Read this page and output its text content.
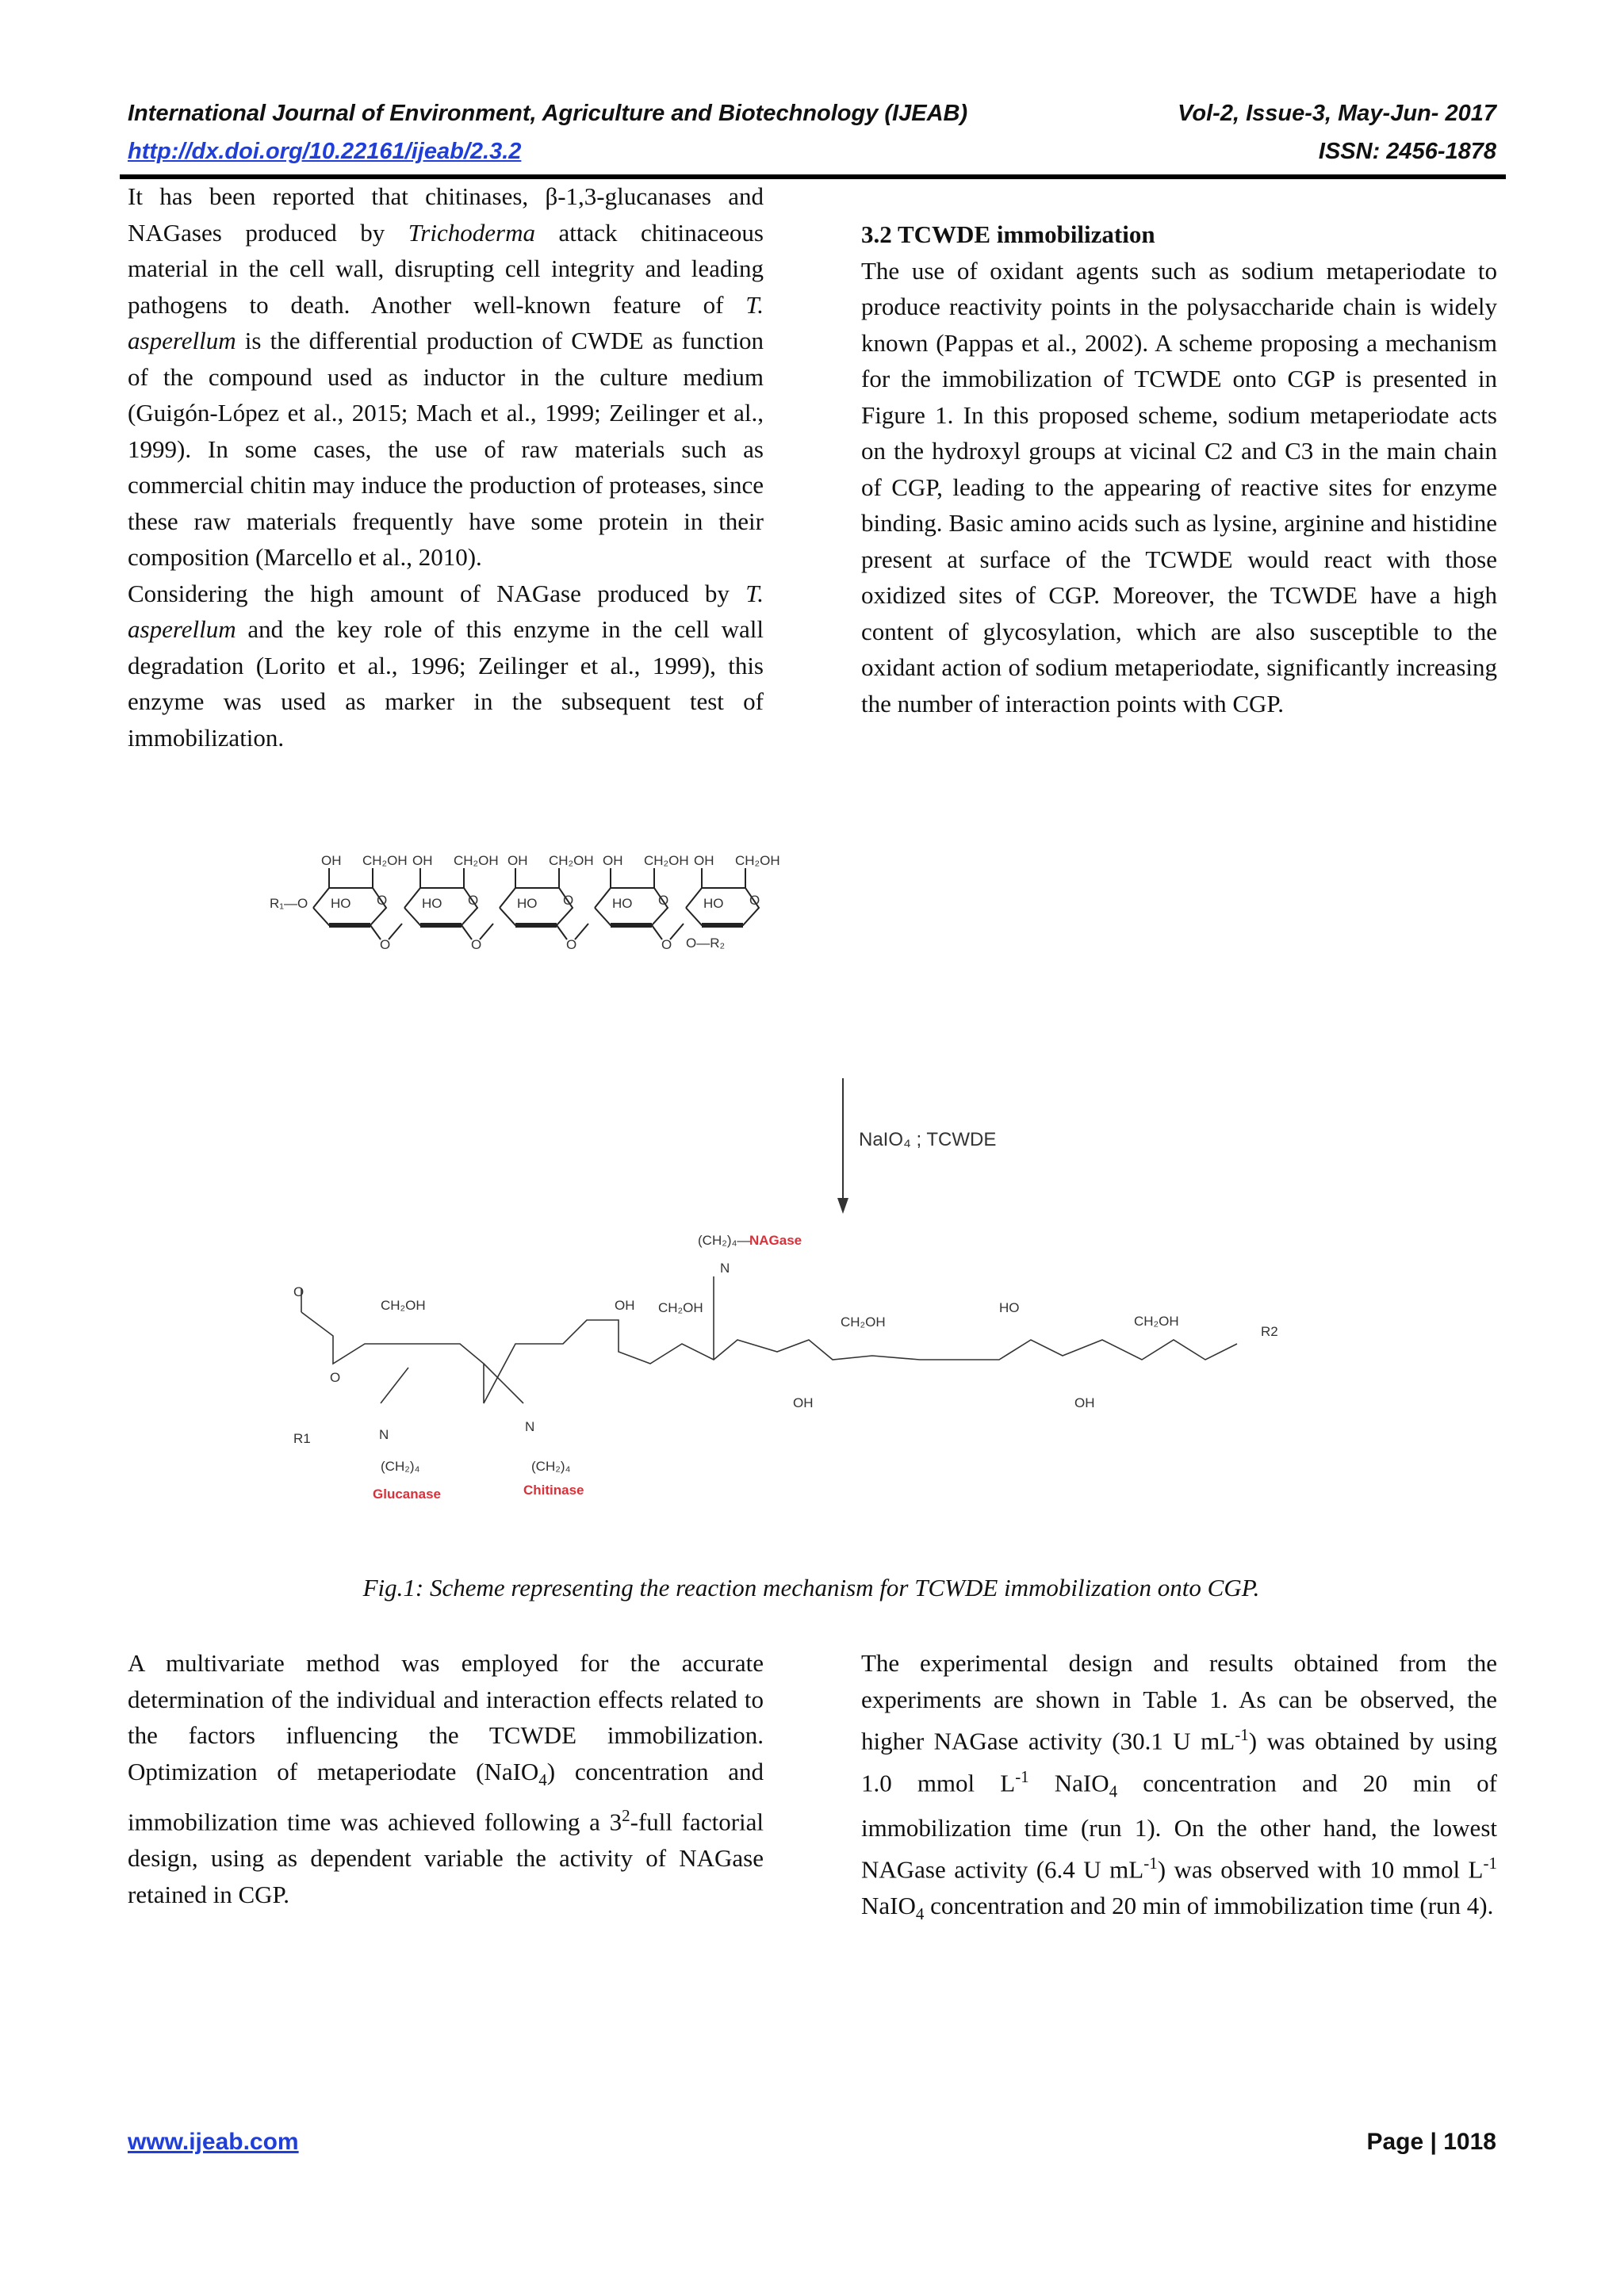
International Journal of Environment, Agriculture and Biotechnology (IJEAB)	Vol-2, Issue-3, May-Jun- 2017
http://dx.doi.org/10.22161/ijeab/2.3.2	ISSN: 2456-1878

It has been reported that chitinases, β-1,3-glucanases and NAGases produced by Trichoderma attack chitinaceous material in the cell wall, disrupting cell integrity and leading pathogens to death. Another well-known feature of T. asperellum is the differential production of CWDE as function of the compound used as inductor in the culture medium (Guigón-López et al., 2015; Mach et al., 1999; Zeilinger et al., 1999). In some cases, the use of raw materials such as commercial chitin may induce the production of proteases, since these raw materials frequently have some protein in their composition (Marcello et al., 2010).

Considering the high amount of NAGase produced by T. asperellum and the key role of this enzyme in the cell wall degradation (Lorito et al., 1996; Zeilinger et al., 1999), this enzyme was used as marker in the subsequent test of immobilization.

3.2 TCWDE immobilization

The use of oxidant agents such as sodium metaperiodate to produce reactivity points in the polysaccharide chain is widely known (Pappas et al., 2002). A scheme proposing a mechanism for the immobilization of TCWDE onto CGP is presented in Figure 1. In this proposed scheme, sodium metaperiodate acts on the hydroxyl groups at vicinal C2 and C3 in the main chain of CGP, leading to the appearing of reactive sites for enzyme binding. Basic amino acids such as lysine, arginine and histidine present at surface of the TCWDE would react with those oxidized sites of CGP. Moreover, the TCWDE have a high content of glycosylation, which are also susceptible to the oxidant action of sodium metaperiodate, significantly increasing the number of interaction points with CGP.

OH CH₂OH
HO O
O
OH CH₂OH
HO O
O
OH CH₂OH
HO O
O
OH CH₂OH
HO O
O
OH CH₂OH
HO O
R₁—O
O—R₂
NaIO₄ ; TCWDE
CH₂OH	OH CH₂OH
CH₂OH
HO
CH₂OH
OH	OH
O
O
R1
R2
N
N
N
(CH₂)₄	(CH₂)₄
(CH₂)₄—
Glucanase	Chitinase
NAGase
Fig.1: Scheme representing the reaction mechanism for TCWDE immobilization onto CGP.

A multivariate method was employed for the accurate determination of the individual and interaction effects related to the factors influencing the TCWDE immobilization. Optimization of metaperiodate (NaIO$_4$) concentration and immobilization time was achieved following a $3^2$-full factorial design, using as dependent variable the activity of NAGase retained in CGP.

The experimental design and results obtained from the experiments are shown in Table 1. As can be observed, the higher NAGase activity (30.1 U $mL^{-1}$) was obtained by using 1.0 mmol $L^{-1}$ NaIO$_4$ concentration and 20 min of immobilization time (run 1). On the other hand, the lowest NAGase activity (6.4 U $mL^{-1}$) was observed with 10 mmol $L^{-1}$ NaIO$_4$ concentration and 20 min of immobilization time (run 4).

www.ijeab.com	Page | 1018
